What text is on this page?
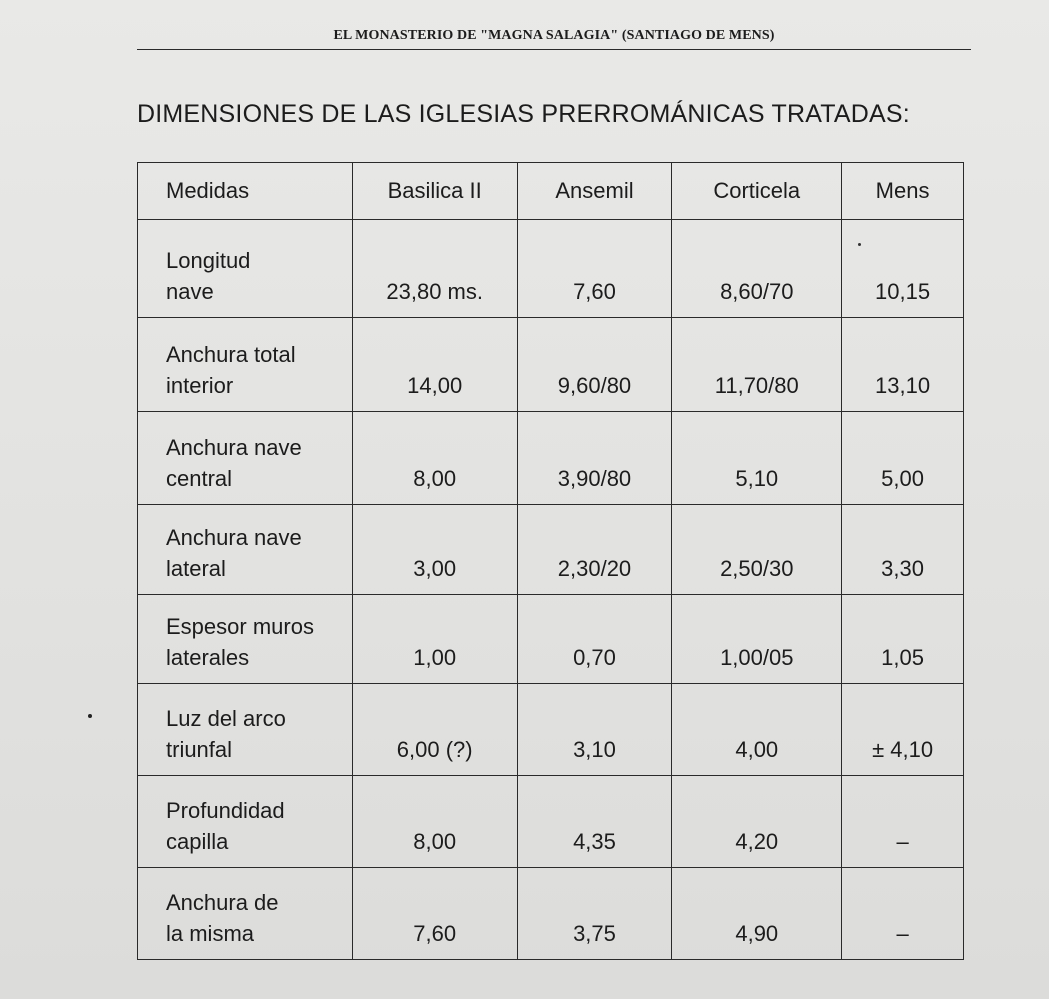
EL MONASTERIO DE "MAGNA SALAGIA" (SANTIAGO DE MENS)
DIMENSIONES DE LAS IGLESIAS PRERROMÁNICAS TRATADAS:
Medidas	Basilica II	Ansemil	Corticela	Mens
Longitud
nave	23,80 ms.	7,60	8,60/70	10,15
Anchura total
interior	14,00	9,60/80	11,70/80	13,10
Anchura nave
central	8,00	3,90/80	5,10	5,00
Anchura nave
lateral	3,00	2,30/20	2,50/30	3,30
Espesor muros
laterales	1,00	0,70	1,00/05	1,05
Luz del arco
triunfal	6,00 (?)	3,10	4,00	± 4,10
Profundidad
capilla	8,00	4,35	4,20	–
Anchura de
la misma	7,60	3,75	4,90	–
